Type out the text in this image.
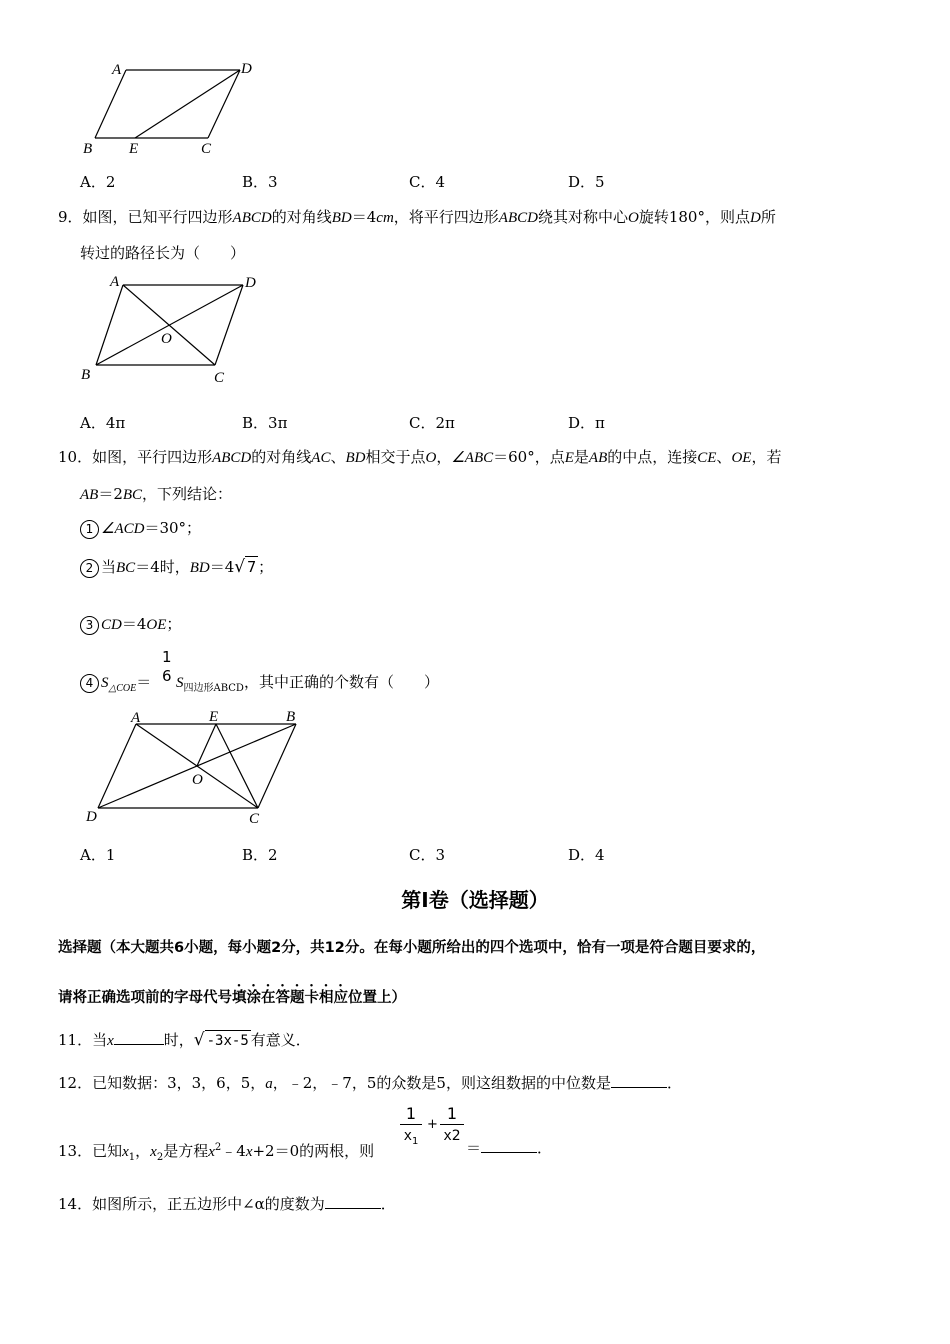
A	D
B E	C
A．2	B．3	C．4	D．5
9．如图，已知平行四边形ABCD的对角线BD＝4cm，将平行四边形ABCD绕其对称中心O旋转180°，则点D所
转过的路径长为（　　）
A	D
O
B	C
A．4π	B．3π	C．2π	D．π
10．如图，平行四边形ABCD的对角线AC、BD相交于点O，∠ABC＝60°，点E是AB的中点，连接CE、OE，若
AB＝2BC，下列结论：
1 ∠ACD＝30°；
2 当BC＝4时，BD＝4√ 7 ；
3 CD＝4OE；
4 $S_{\triangle COE}=$
1
6 $S_{四边形ABCD}$，其中正确的个数有（　　）
A	E	B
O
D	C
A．1	B．2	C．3	D．4
第Ⅰ卷（选择题）
选择题（本大题共6小题，每小题2分，共12分。在每小题所给出的四个选项中，恰有一项是符合题目要求的，
请将正确选项前的字母代号填涂在答题卡相应位置上）
11．当x	时，√ -3x-5 有意义．
12．已知数据：3，3，6，5，a，﹣2，﹣7，5的众数是5，则这组数据的中位数是	．
13．已知$x_1$，$x_2$是方程$x^2﹣4x+2=0$的两根，则
1
$x_1$
+
1
x2
＝	．
14．如图所示，正五边形中∠α的度数为	．
